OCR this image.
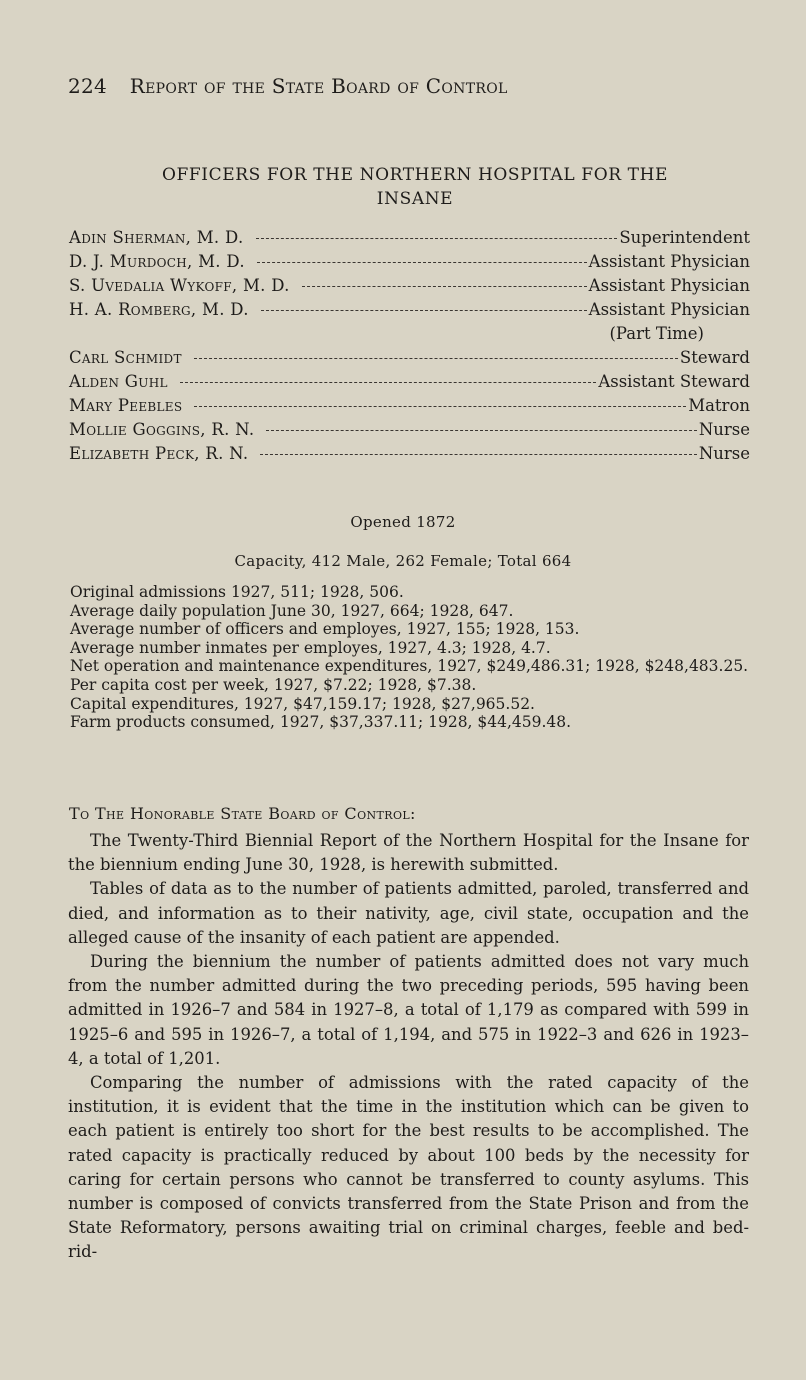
224 Report of the State Board of Control
OFFICERS FOR THE NORTHERN HOSPITAL FOR THE
INSANE
Adin Sherman, M. D.	Superintendent
D. J. Murdoch, M. D.	Assistant Physician
S. Uvedalia Wykoff, M. D.	Assistant Physician
H. A. Romberg, M. D.	Assistant Physician
(Part Time)
Carl Schmidt	Steward
Alden Guhl	Assistant Steward
Mary Peebles	Matron
Mollie Goggins, R. N.	Nurse
Elizabeth Peck, R. N.	Nurse
Opened 1872
Capacity, 412 Male, 262 Female; Total 664

Original admissions 1927, 511; 1928, 506.

Average daily population June 30, 1927, 664; 1928, 647.

Average number of officers and employes, 1927, 155; 1928, 153.

Average number inmates per employes, 1927, 4.3; 1928, 4.7.

Net operation and maintenance expenditures, 1927, $249,486.31; 1928, $248,483.25.

Per capita cost per week, 1927, $7.22; 1928, $7.38.

Capital expenditures, 1927, $47,159.17; 1928, $27,965.52.

Farm products consumed, 1927, $37,337.11; 1928, $44,459.48.

To The Honorable State Board of Control:

The Twenty-Third Biennial Report of the Northern Hospital for the Insane for the biennium ending June 30, 1928, is herewith submitted.

Tables of data as to the number of patients admitted, paroled, transferred and died, and information as to their nativity, age, civil state, occupation and the alleged cause of the insanity of each patient are appended.

During the biennium the number of patients admitted does not vary much from the number admitted during the two preceding periods, 595 having been admitted in 1926–7 and 584 in 1927–8, a total of 1,179 as compared with 599 in 1925–6 and 595 in 1926–7, a total of 1,194, and 575 in 1922–3 and 626 in 1923–4, a total of 1,201.

Comparing the number of admissions with the rated capacity of the institution, it is evident that the time in the institution which can be given to each patient is entirely too short for the best results to be accomplished. The rated capacity is practically reduced by about 100 beds by the necessity for caring for certain persons who cannot be transferred to county asylums. This number is composed of convicts transferred from the State Prison and from the State Reformatory, persons awaiting trial on criminal charges, feeble and bed-rid-
